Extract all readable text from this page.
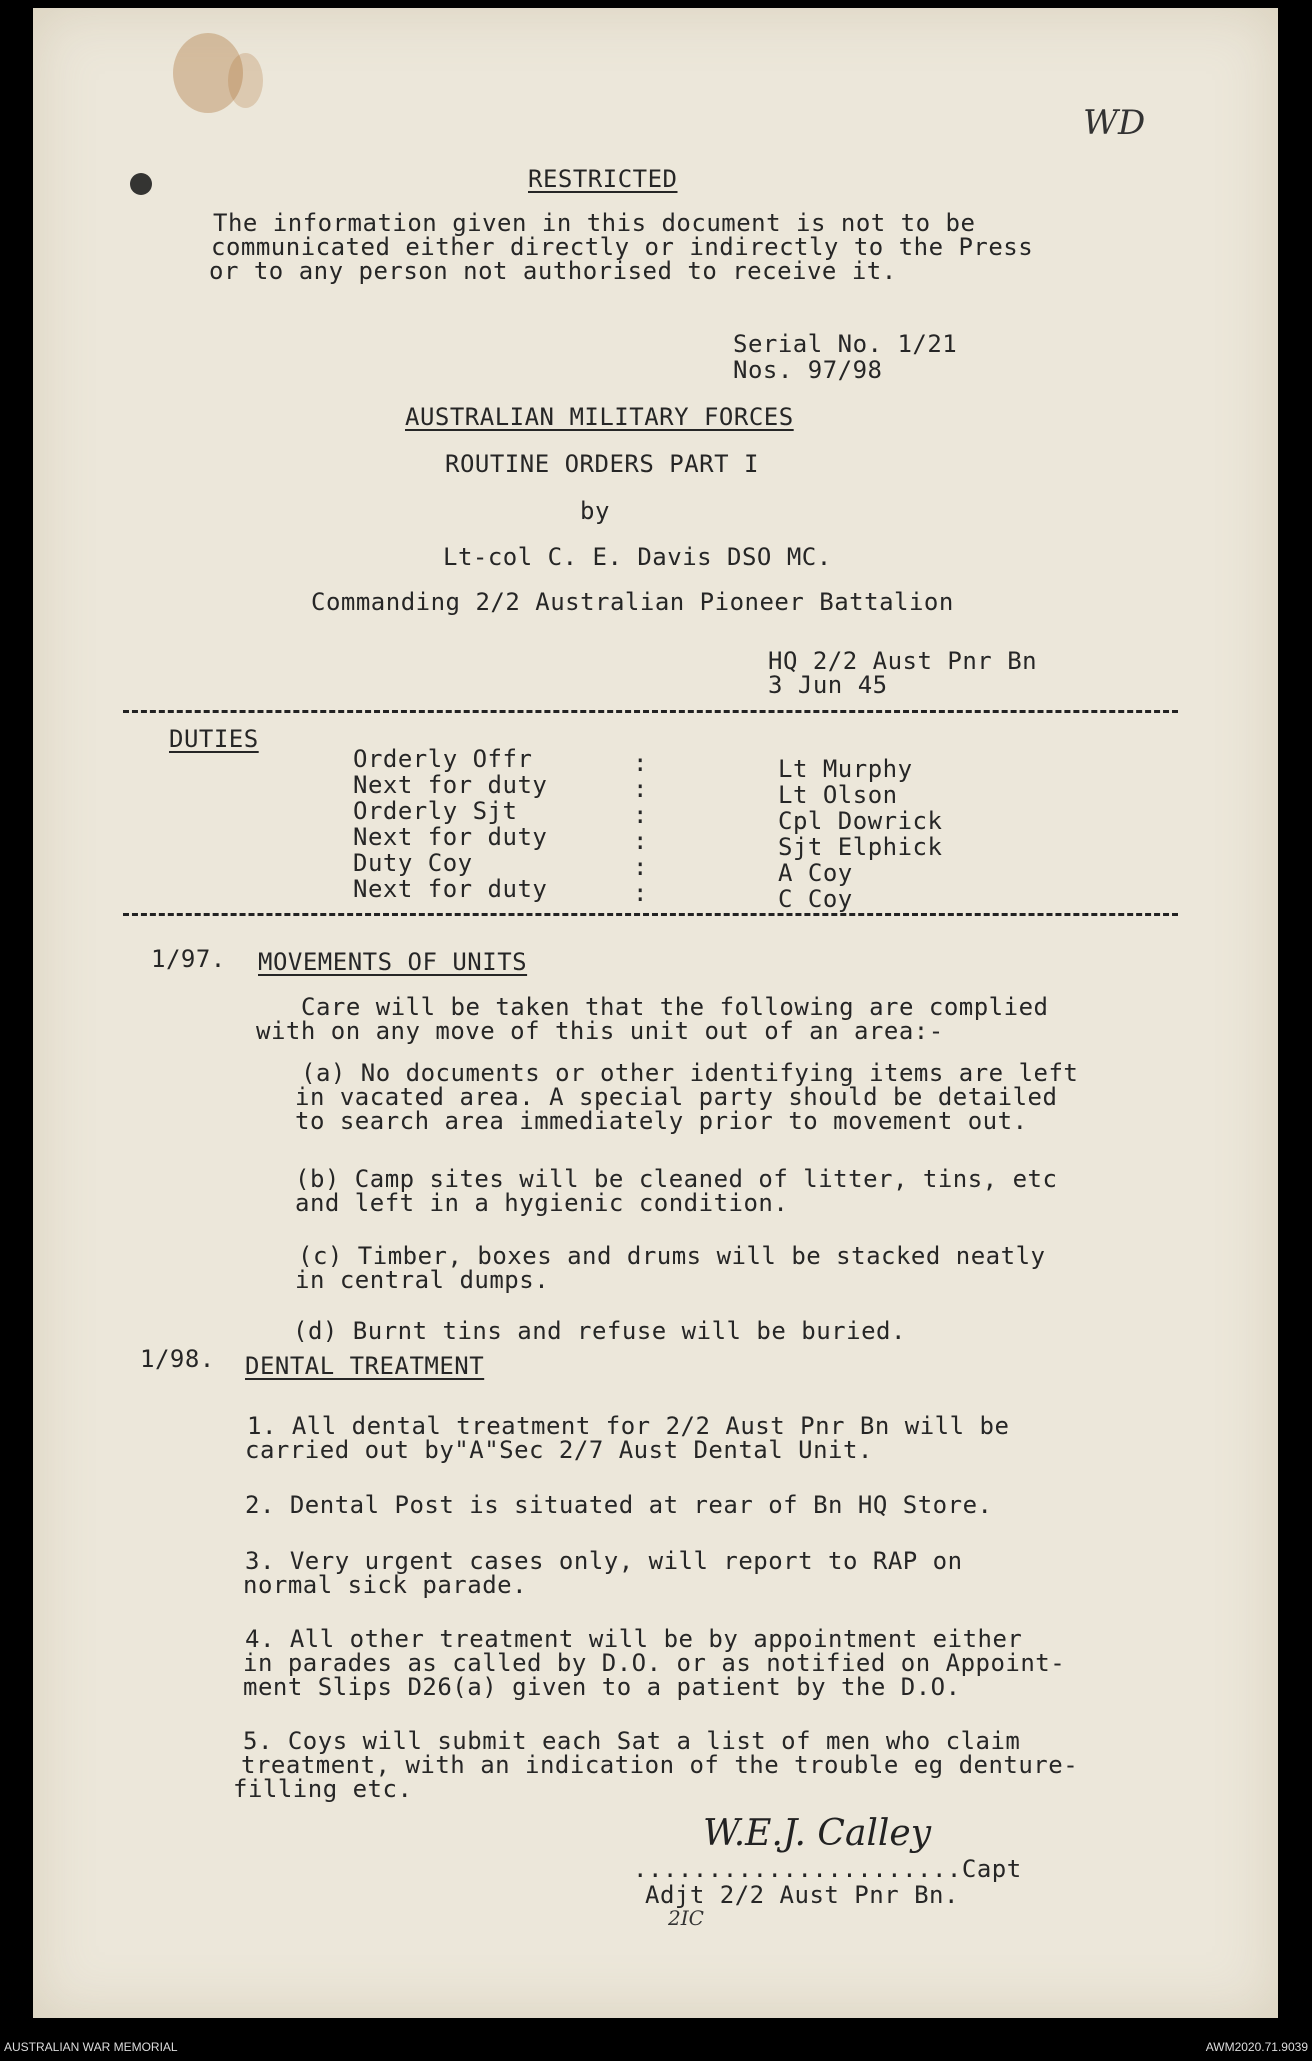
WD
RESTRICTED
The information given in this document is not to be
communicated either directly or indirectly to the Press
or to any person not authorised to receive it.
Serial No. 1/21
Nos. 97/98
AUSTRALIAN MILITARY FORCES
ROUTINE ORDERS PART I
by
Lt-col C. E. Davis DSO MC.
Commanding 2/2 Australian Pioneer Battalion
HQ 2/2 Aust Pnr Bn
3 Jun 45
DUTIES
Orderly Offr
Next for duty
Orderly Sjt
Next for duty
Duty Coy
Next for duty
:
:
:
:
:
:
Lt Murphy
Lt Olson
Cpl Dowrick
Sjt Elphick
A Coy
C Coy
1/97. MOVEMENTS OF UNITS
Care will be taken that the following are complied
with on any move of this unit out of an area:-
(a) No documents or other identifying items are left
in vacated area. A special party should be detailed
to search area immediately prior to movement out.
(b) Camp sites will be cleaned of litter, tins, etc
and left in a hygienic condition.
(c) Timber, boxes and drums will be stacked neatly
in central dumps.
(d) Burnt tins and refuse will be buried.
1/98. DENTAL TREATMENT
1. All dental treatment for 2/2 Aust Pnr Bn will be
carried out by"A"Sec 2/7 Aust Dental Unit.
2. Dental Post is situated at rear of Bn HQ Store.
3. Very urgent cases only, will report to RAP on
normal sick parade.
4. All other treatment will be by appointment either
in parades as called by D.O. or as notified on Appoint-
ment Slips D26(a) given to a patient by the D.O.
5. Coys will submit each Sat a list of men who claim
treatment, with an indication of the trouble eg denture-
filling etc.
W.E.J. Calley
......................Capt
Adjt 2/2 Aust Pnr Bn.
2IC
AUSTRALIAN WAR MEMORIAL	AWM2020.71.9039
